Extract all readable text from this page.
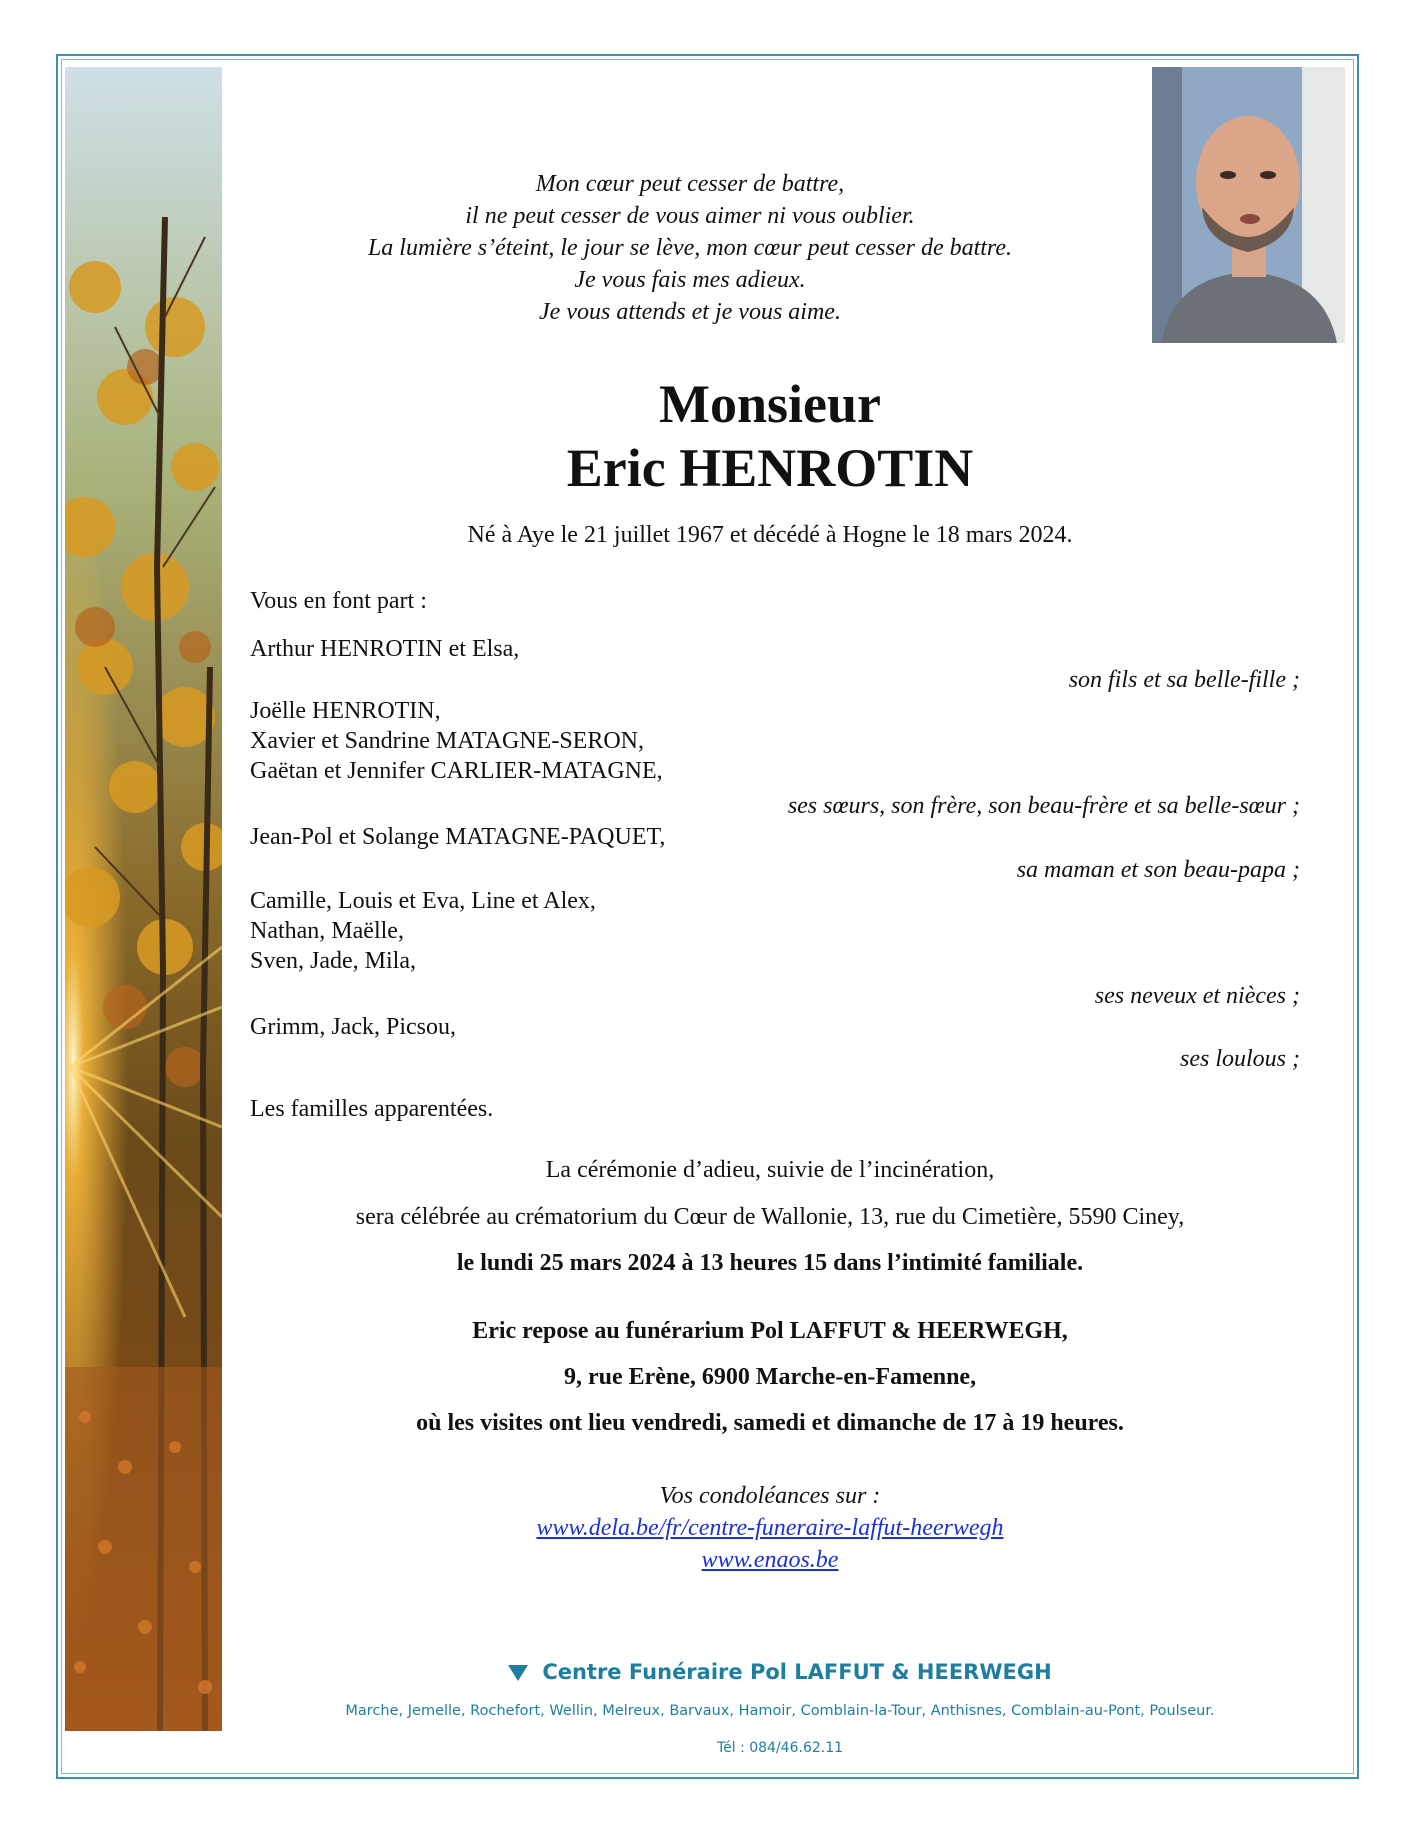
Mon cœur peut cesser de battre,
il ne peut cesser de vous aimer ni vous oublier.
La lumière s’éteint, le jour se lève, mon cœur peut cesser de battre.
Je vous fais mes adieux.
Je vous attends et je vous aime.
Monsieur
Eric HENROTIN
Né à Aye le 21 juillet 1967 et décédé à Hogne le 18 mars 2024.
Vous en font part :
Arthur HENROTIN et Elsa,
son fils et sa belle-fille ;
Joëlle HENROTIN,
Xavier et Sandrine MATAGNE-SERON,
Gaëtan et Jennifer CARLIER-MATAGNE,
ses sœurs, son frère, son beau-frère et sa belle-sœur ;
Jean-Pol et Solange MATAGNE-PAQUET,
sa maman et son beau-papa ;
Camille, Louis et Eva, Line et Alex,
Nathan, Maëlle,
Sven, Jade, Mila,
ses neveux et nièces ;
Grimm, Jack, Picsou,
ses loulous ;
Les familles apparentées.
La cérémonie d’adieu, suivie de l’incinération,
sera célébrée au crématorium du Cœur de Wallonie, 13, rue du Cimetière, 5590 Ciney,
le lundi 25 mars 2024 à 13 heures 15 dans l’intimité familiale.
Eric repose au funérarium Pol LAFFUT & HEERWEGH,
9, rue Erène, 6900 Marche-en-Famenne,
où les visites ont lieu vendredi, samedi et dimanche de 17 à 19 heures.
Vos condoléances sur :
www.dela.be/fr/centre-funeraire-laffut-heerwegh
www.enaos.be
Centre Funéraire Pol LAFFUT & HEERWEGH
Marche, Jemelle, Rochefort, Wellin, Melreux, Barvaux, Hamoir, Comblain-la-Tour, Anthisnes, Comblain-au-Pont, Poulseur.
Tél : 084/46.62.11
